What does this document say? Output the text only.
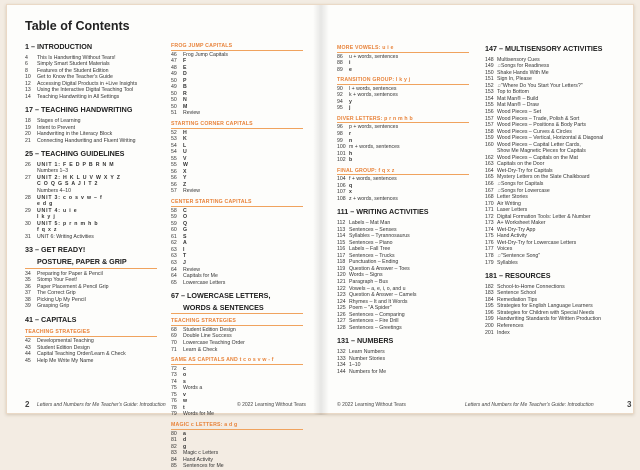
Table of Contents
1 – INTRODUCTION
4	This Is Handwriting Without Tears!
6	Simply Smart Student Materials
8	Features of the Student Edition
10	Get to Know the Teacher's Guide
12	Accessing Digital Products in +Live Insights
13	Using the Interactive Digital Teaching Tool
14	Teaching Handwriting in All Settings
17 – TEACHING HANDWRITING
18	Stages of Learning
19	Intent to Prevent
20	Handwriting in the Literacy Block
21	Connecting Handwriting and Fluent Writing
25 – TEACHING GUIDELINES
26	UNIT 1: F E D P B R N M
Numbers 1–3
27	UNIT 2: H K L U V W X Y Z
C O Q G S A J I T 2
Numbers 4–10
28	UNIT 3: c o s v w – f
e d g
29	UNIT 4: u i e
l k y j
30	UNIT 5: p r n m h b
f q x z
31	UNIT 6: Writing Activities
33 – GET READY!
POSTURE, PAPER & GRIP
34	Preparing for Paper & Pencil
35	Stomp Your Feet!
36	Paper Placement & Pencil Grip
37	The Correct Grip
38	Picking Up My Pencil
39	Grasping Grip
41 – CAPITALS
TEACHING STRATEGIES
42	Developmental Teaching
43	Student Edition Design
44	Capital Teaching Order/Learn & Check
45	Help Me Write My Name
FROG JUMP CAPITALS
46	Frog Jump Capitals
47	F
48	E
49	D
50	P
49	B
50	R
50	N
50	M
51	Review
STARTING CORNER CAPITALS
52	H
53	K
54	L
54	U
55	V
55	W
56	X
56	Y
56	Z
57	Review
CENTER STARTING CAPITALS
58	C
59	O
59	Q
60	G
61	S
62	A
63	I
63	T
63	J
64	Review
64	Capitals for Me
65	Lowercase Letters
67 – LOWERCASE LETTERS,
WORDS & SENTENCES
TEACHING STRATEGIES
68	Student Edition Design
69	Double Line Success
70	Lowercase Teaching Order
71	Learn & Check
SAME AS CAPITALS AND t c o s v w - f
72	c
73	o
74	s
75	Words a
75	v
76	w
78	t
79	Words for Me
MAGIC c LETTERS: a d g
80	a
81	d
82	g
83	Magic c Letters
84	Hand Activity
85	Sentences for Me
2 Letters and Numbers for Me Teacher's Guide: Introduction	© 2022 Learning Without Tears
MORE VOWELS: u i e
86	u + words, sentences
88	i
89	e
TRANSITION GROUP: l k y j
90	l + words, sentences
92	k + words, sentences
94	y
95	j
DIVER LETTERS: p r n m h b
96	p + words, sentences
98	r
99	n
100 m + words, sentences
101 h
102 b
FINAL GROUP: f q x z
104 f + words, sentences
106 q
107 x
108 z + words, sentences
111 – WRITING ACTIVITIES
112 Labels – Mat Man
113 Sentences – Senses
114 Syllables – Tyrannosaurus
115 Sentences – Piano
116 Labels – Fall Tree
117 Sentences – Trucks
118 Punctuation – Ending
119 Question & Answer – Toes
120 Words – Signs
121 Paragraph – Bus
122 Vowels – a, e, i, o, and u
123 Question & Answer – Camels
124 Rhymes – It and It Words
125 Poem – "A Spider"
126 Sentences – Comparing
127 Sentences – Fire Drill
128 Sentences – Greetings
131 – NUMBERS
132 Learn Numbers
133 Number Stories
134 1–10
144 Numbers for Me
147 – MULTISENSORY ACTIVITIES
148 Multisensory Cues
149 ♫ Songs for Readiness
150 Shake Hands With Me
151 Sign In, Please
152 ♫ "Where Do You Start Your Letters?"
153 Top to Bottom
154 Mat Man® – Build
155 Mat Man® – Draw
156 Wood Pieces – Set
157 Wood Pieces – Trade, Polish & Sort
157 Wood Pieces – Positions & Body Parts
158 Wood Pieces – Curves & Circles
159 Wood Pieces – Vertical, Horizontal & Diagonal
160 Wood Pieces – Capital Letter Cards,
Show Me Magnetic Pieces for Capitals
162 Wood Pieces – Capitals on the Mat
163 Capitals on the Door
164 Wet-Dry-Try for Capitals
165 Mystery Letters on the Slate Chalkboard
166 ♫ Songs for Capitals
167 ♫ Songs for Lowercase
168 Letter Stories
170 Air Writing
171 Laser Letters
172 Digital Formation Tools: Letter & Number
173 A+ Worksheet Maker
174 Wet-Dry-Try App
175 Hand Activity
176 Wet-Dry-Try for Lowercase Letters
177 Voices
178 ♫ "Sentence Song"
179 Syllables
181 – RESOURCES
182 School-to-Home Connections
183 Sentence School
184 Remediation Tips
195 Strategies for English Language Learners
196 Strategies for Children with Special Needs
199 Handwriting Standards for Written Production
200 References
201 Index
© 2022 Learning Without Tears	Letters and Numbers for Me Teacher's Guide: Introduction	3
